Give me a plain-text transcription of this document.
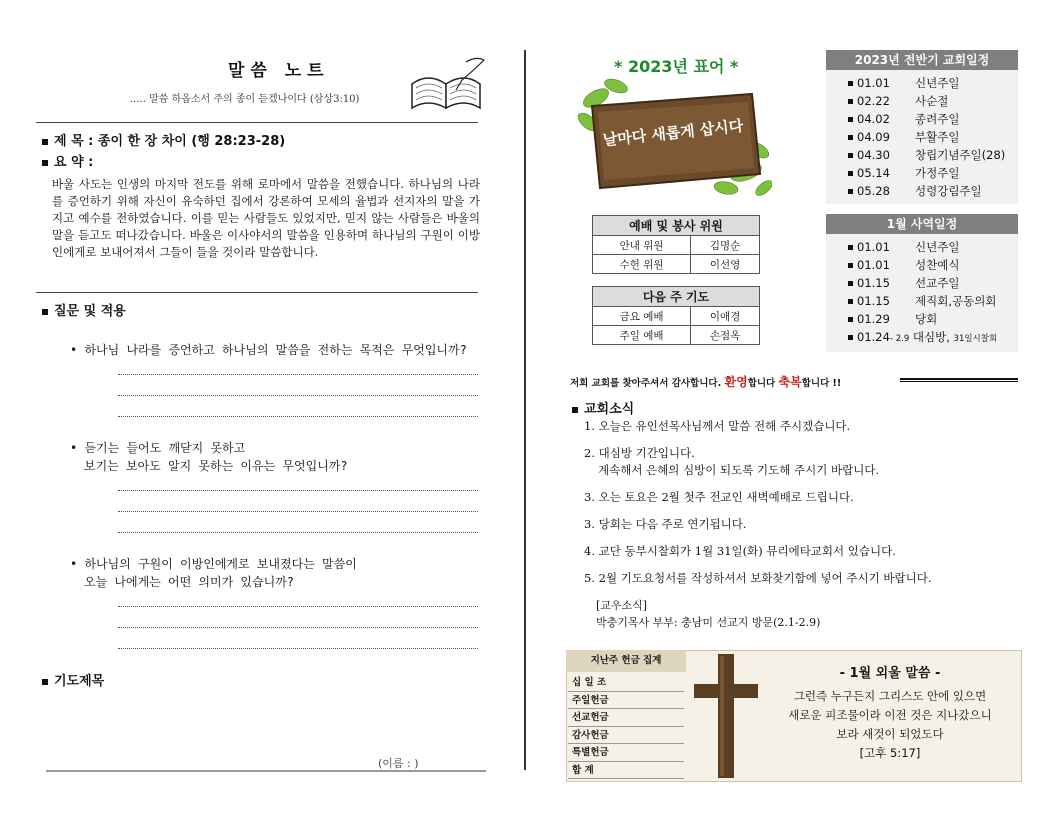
말씀 노트
..... 말씀 하옵소서 주의 종이 듣겠나이다 (삼상3:10)
제 목 : 종이 한 장 차이 (행 28:23-28)
요 약 :
바울 사도는 인생의 마지막 전도를 위해 로마에서 말씀을 전했습니다. 하나님의 나라를 증언하기 위해 자신이 유숙하던 집에서 강론하여 모세의 율법과 선지자의 말을 가지고 예수를 전하였습니다. 이를 믿는 사람들도 있었지만, 믿지 않는 사람들은 바울의 말을 듣고도 떠나갔습니다. 바울은 이사야서의 말씀을 인용하며 하나님의 구원이 이방인에게로 보내어져서 그들이 들을 것이라 말씀합니다.
질문 및 적용
• 하나님 나라를 증언하고 하나님의 말씀을 전하는 목적은 무엇입니까?
• 듣기는 들어도 깨닫지 못하고
보기는 보아도 알지 못하는 이유는 무엇입니까?
• 하나님의 구원이 이방인에게로 보내졌다는 말씀이
오늘 나에게는 어떤 의미가 있습니까?
기도제목
(이름 : )
* 2023년 표어 *
날마다 새롭게 삽시다
예배 및 봉사 위원	
안내 위원	김명순
수헌 위원	이선영
다음 주 기도	
금요 예배	이애경
주일 예배	손점옥
2023년 전반기 교회일정
01.01 신년주일
02.22 사순절
04.02 종려주일
04.09 부활주일
04.30 창립기념주일(28)
05.14 가정주일
05.28 성령강림주일
1월 사역일정
01.01 신년주일
01.01 성찬예식
01.15 선교주일
01.15 제직회,공동의회
01.29 당회
01.24- 2.9 대심방, 31일시찰회
저희 교회를 찾아주셔서 감사합니다. 환영합니다 축복합니다 !!
교회소식
1. 오늘은 유인선목사님께서 말씀 전해 주시겠습니다.
2. 대심방 기간입니다.
계속해서 은혜의 심방이 되도록 기도해 주시기 바랍니다.
3. 오는 토요은 2월 첫주 전교인 새벽예배로 드립니다.
3. 당회는 다음 주로 연기됩니다.
4. 교단 동부시찰회가 1월 31일(화) 뮤리에타교회서 있습니다.
5. 2월 기도요청서를 작성하셔서 보화찾기함에 넣어 주시기 바랍니다.
[교우소식]
박충기목사 부부: 충남미 선교지 방문(2.1-2.9)
지난주 헌금 집계
십 일 조
주일헌금
선교헌금
감사헌금
특별헌금
합 계
- 1월 외울 말씀 -
그런즉 누구든지 그리스도 안에 있으면
새로운 피조물이라 이전 것은 지나갔으니
보라 새것이 되었도다
[고후 5:17]
